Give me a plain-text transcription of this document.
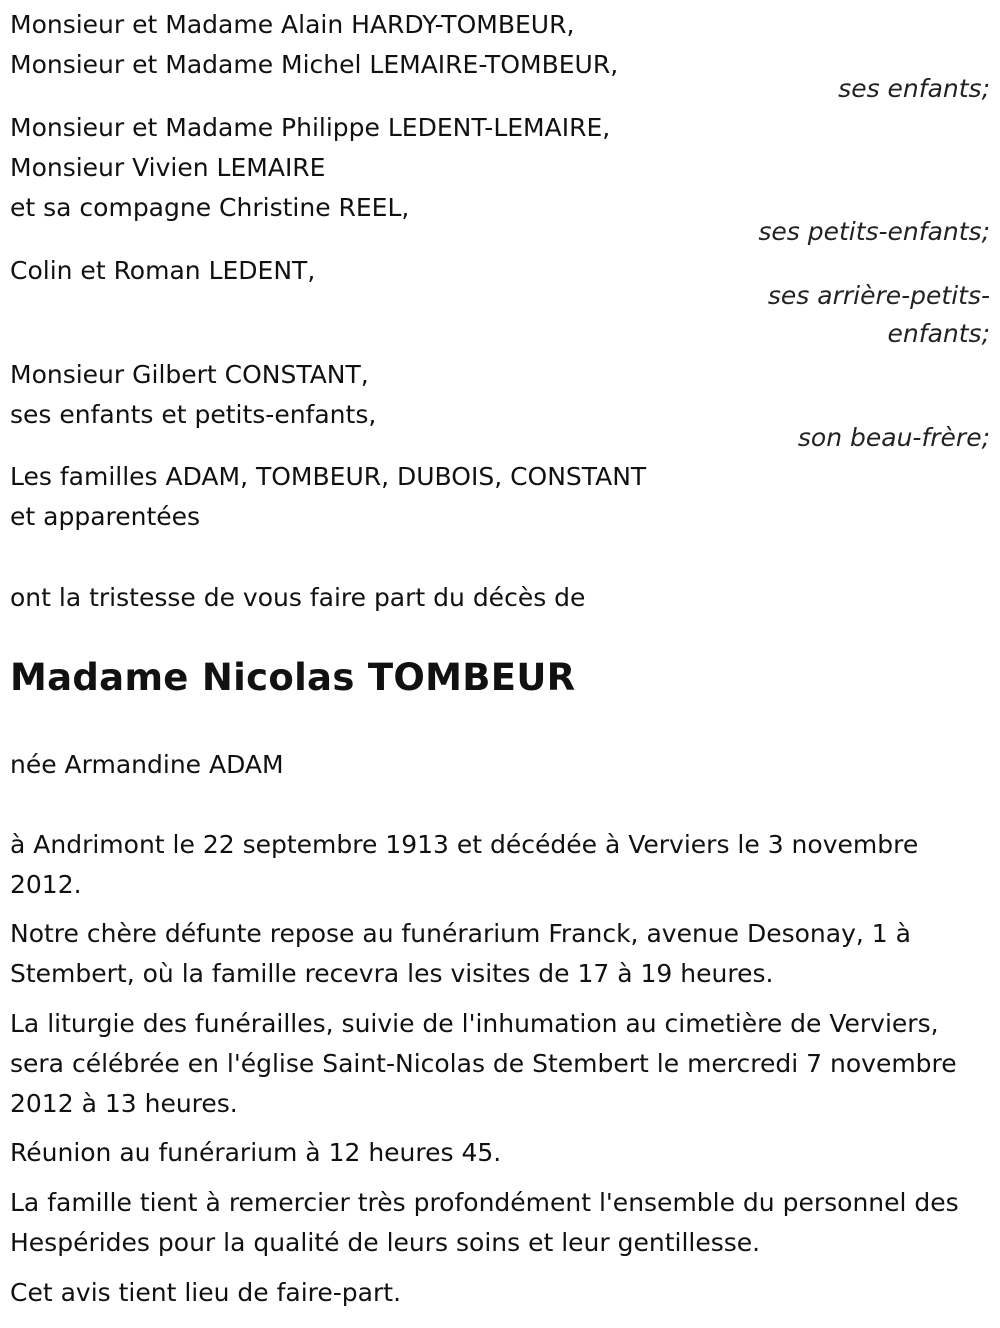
Monsieur et Madame Alain HARDY-TOMBEUR,
Monsieur et Madame Michel LEMAIRE-TOMBEUR,
ses enfants;
Monsieur et Madame Philippe LEDENT-LEMAIRE,
Monsieur Vivien LEMAIRE
et sa compagne Christine REEL,
ses petits-enfants;
Colin et Roman LEDENT,
ses arrière-petits-
enfants;
Monsieur Gilbert CONSTANT,
ses enfants et petits-enfants,
son beau-frère;
Les familles ADAM, TOMBEUR, DUBOIS, CONSTANT
et apparentées
ont la tristesse de vous faire part du décès de
Madame Nicolas TOMBEUR
née Armandine ADAM
à Andrimont le 22 septembre 1913 et décédée à Verviers le 3 novembre 2012.
Notre chère défunte repose au funérarium Franck, avenue Desonay, 1 à Stembert, où la famille recevra les visites de 17 à 19 heures.
La liturgie des funérailles, suivie de l'inhumation au cimetière de Verviers, sera célébrée en l'église Saint-Nicolas de Stembert le mercredi 7 novembre 2012 à 13 heures.
Réunion au funérarium à 12 heures 45.
La famille tient à remercier très profondément l'ensemble du personnel des Hespérides pour la qualité de leurs soins et leur gentillesse.
Cet avis tient lieu de faire-part.
